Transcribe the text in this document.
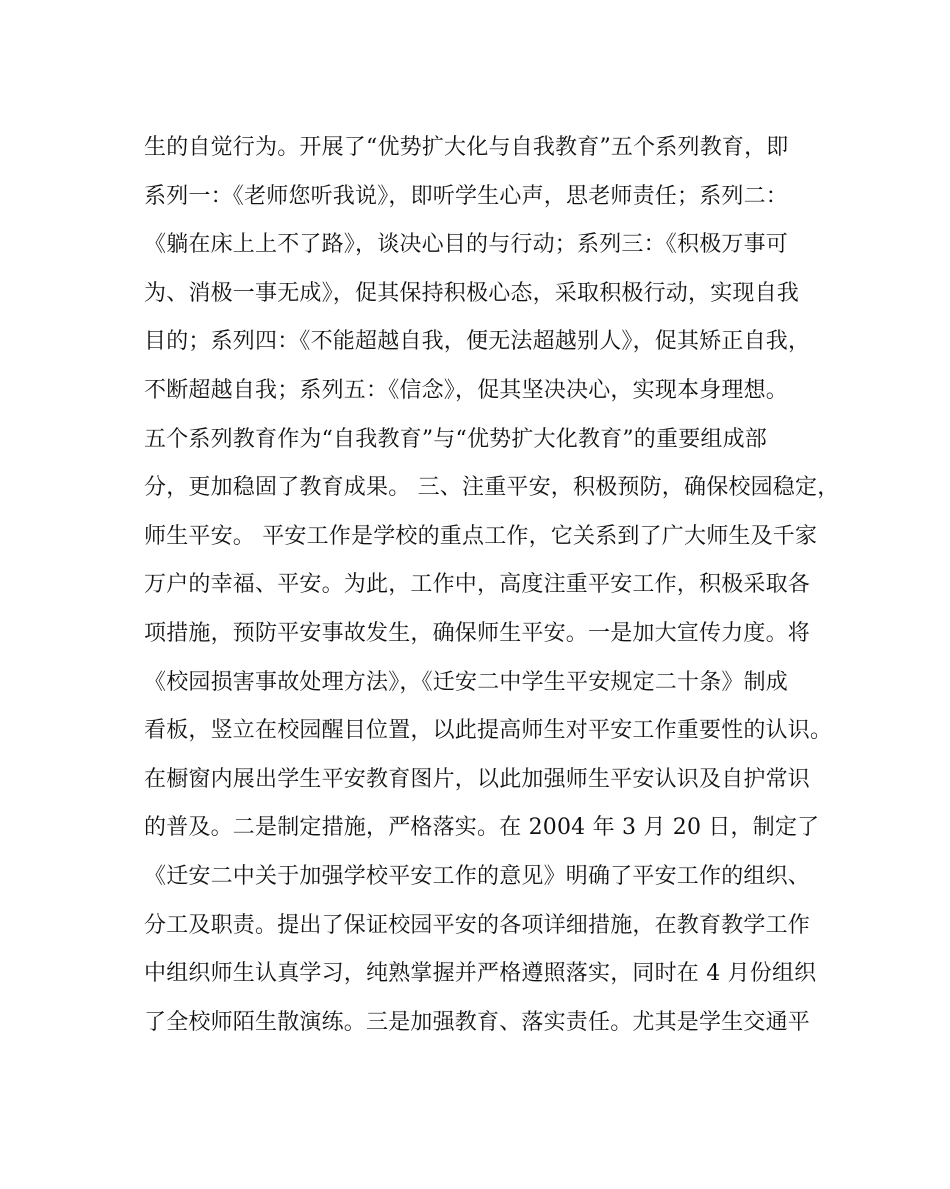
生的自觉行为。开展了“优势扩大化与自我教育”五个系列教育，即
系列一：《老师您听我说》，即听学生心声，思老师责任；系列二：
《躺在床上上不了路》，谈决心目的与行动；系列三：《积极万事可
为、消极一事无成》，促其保持积极心态，采取积极行动，实现自我
目的；系列四：《不能超越自我，便无法超越别人》，促其矫正自我，
不断超越自我；系列五：《信念》，促其坚决决心，实现本身理想。
五个系列教育作为“自我教育”与“优势扩大化教育”的重要组成部
分，更加稳固了教育成果。 三、注重平安，积极预防，确保校园稳定，
师生平安。 平安工作是学校的重点工作，它关系到了广大师生及千家
万户的幸福、平安。为此，工作中，高度注重平安工作，积极采取各
项措施，预防平安事故发生，确保师生平安。一是加大宣传力度。将
《校园损害事故处理方法》，《迁安二中学生平安规定二十条》制成
看板，竖立在校园醒目位置，以此提高师生对平安工作重要性的认识。
在橱窗内展出学生平安教育图片，以此加强师生平安认识及自护常识
的普及。二是制定措施，严格落实。在 2004 年 3 月 20 日，制定了
《迁安二中关于加强学校平安工作的意见》明确了平安工作的组织、
分工及职责。提出了保证校园平安的各项详细措施，在教育教学工作
中组织师生认真学习，纯熟掌握并严格遵照落实，同时在 4 月份组织
了全校师陌生散演练。三是加强教育、落实责任。尤其是学生交通平
